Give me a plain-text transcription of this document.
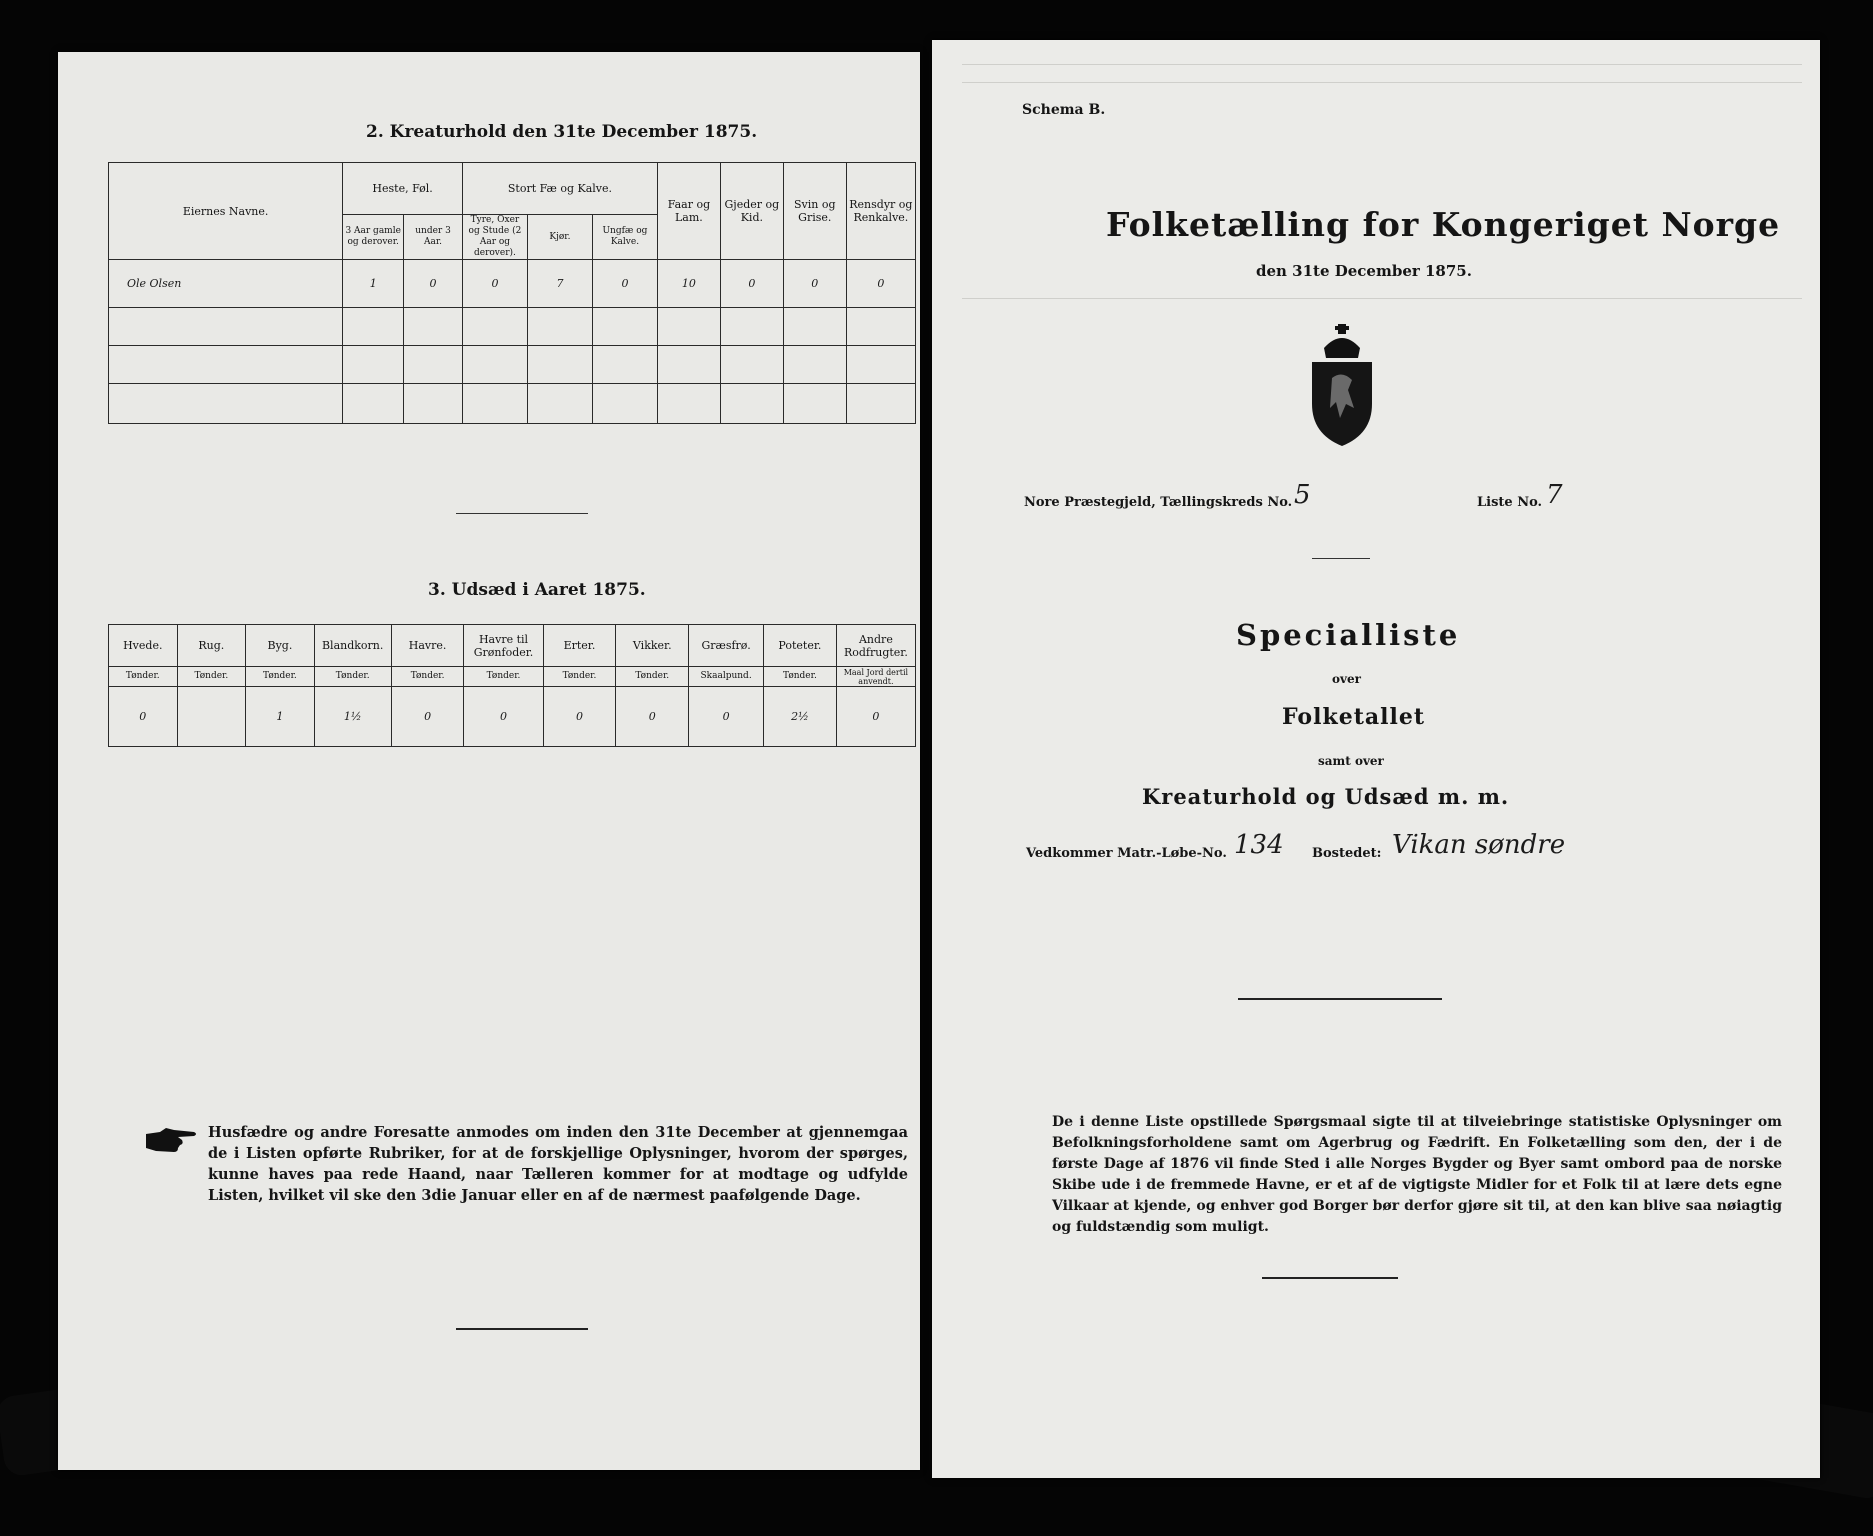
2. Kreaturhold den 31te December 1875.
Eiernes Navne.	Heste, Føl.		Stort Fæ og Kalve.			Faar og Lam.	Gjeder og Kid.	Svin og Grise.	Rensdyr og Renkalve.
	3 Aar gamle og derover.	under 3 Aar.	Tyre, Oxer og Stude (2 Aar og derover).	Kjør.	Ungfæ og Kalve.				
Ole Olsen	1	0	0	7	0	10	0	0	0

3. Udsæd i Aaret 1875.
Hvede.	Rug.	Byg.	Blandkorn.	Havre.	Havre til Grønfoder.	Erter.	Vikker.	Græsfrø.	Poteter.	Andre Rodfrugter.
Tønder.	Tønder.	Tønder.	Tønder.	Tønder.	Tønder.	Tønder.	Tønder.	Skaalpund.	Tønder.	Maal Jord dertil anvendt.
0		1	1½	0	0	0	0	0	2½	0
Husfædre og andre Foresatte anmodes om inden den 31te December at gjennemgaa de i Listen opførte Rubriker, for at de forskjellige Oplysninger, hvorom der spørges, kunne haves paa rede Haand, naar Tælleren kommer for at modtage og udfylde Listen, hvilket vil ske den 3die Januar eller en af de nærmest paafølgende Dage.
Schema B.
Folketælling for Kongeriget Norge
den 31te December 1875.
Nore Præstegjeld, Tællingskreds No. 5	Liste No. 7
Specialliste
over
Folketallet
samt over
Kreaturhold og Udsæd m. m.
Vedkommer Matr.-Løbe-No. 134 Bostedet: Vikan søndre
De i denne Liste opstillede Spørgsmaal sigte til at tilveiebringe statistiske Oplysninger om Befolkningsforholdene samt om Agerbrug og Fædrift. En Folketælling som den, der i de første Dage af 1876 vil finde Sted i alle Norges Bygder og Byer samt ombord paa de norske Skibe ude i de fremmede Havne, er et af de vigtigste Midler for et Folk til at lære dets egne Vilkaar at kjende, og enhver god Borger bør derfor gjøre sit til, at den kan blive saa nøiagtig og fuldstændig som muligt.
